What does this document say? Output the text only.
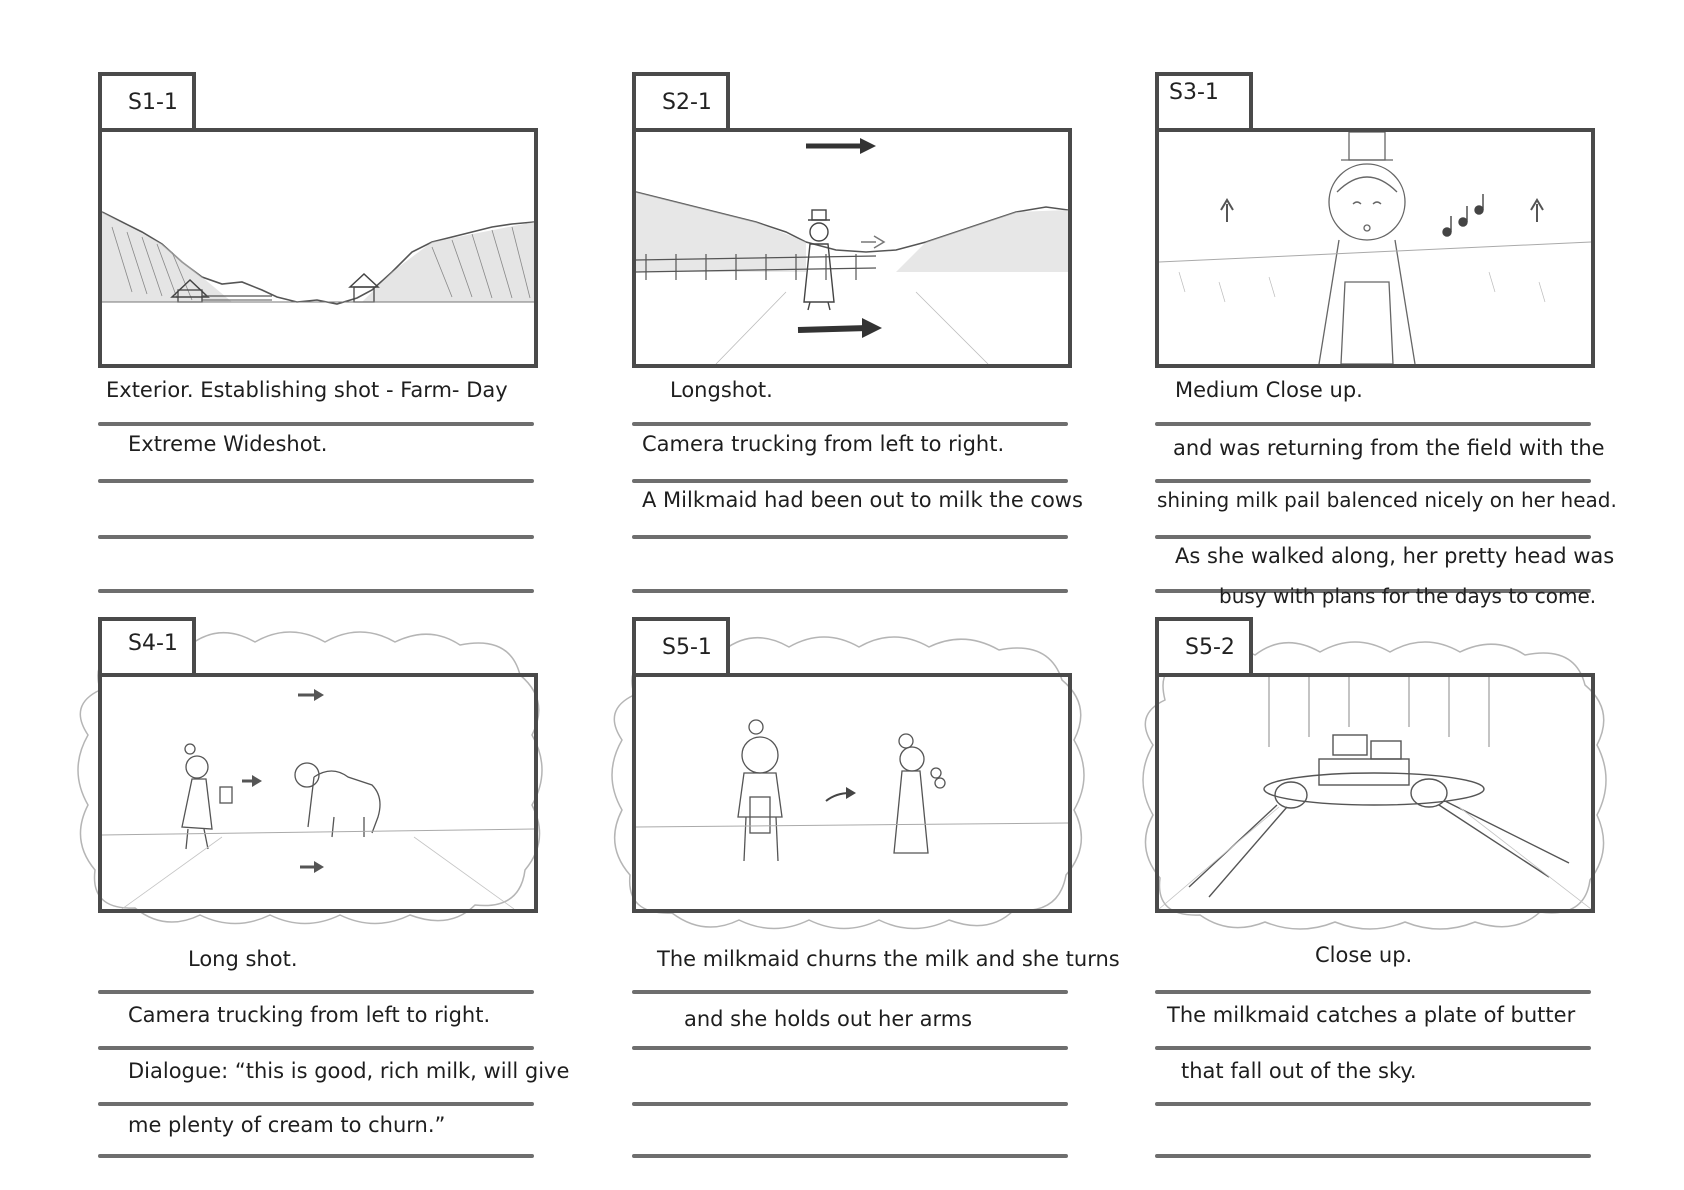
S1-1
Exterior. Establishing shot - Farm- Day
Extreme Wideshot.
S2-1
Longshot.
Camera trucking from left to right.
A Milkmaid had been out to milk the cows
S3-1
Medium Close up.
and was returning from the field with the
shining milk pail balenced nicely on her head.
As she walked along, her pretty head was
busy with plans for the days to come.
S4-1
Long shot.
Camera trucking from left to right.
Dialogue: “this is good, rich milk, will give
me plenty of cream to churn.”
S5-1
The milkmaid churns the milk and she turns
and she holds out her arms
S5-2
Close up.
The milkmaid catches a plate of butter
that fall out of the sky.
